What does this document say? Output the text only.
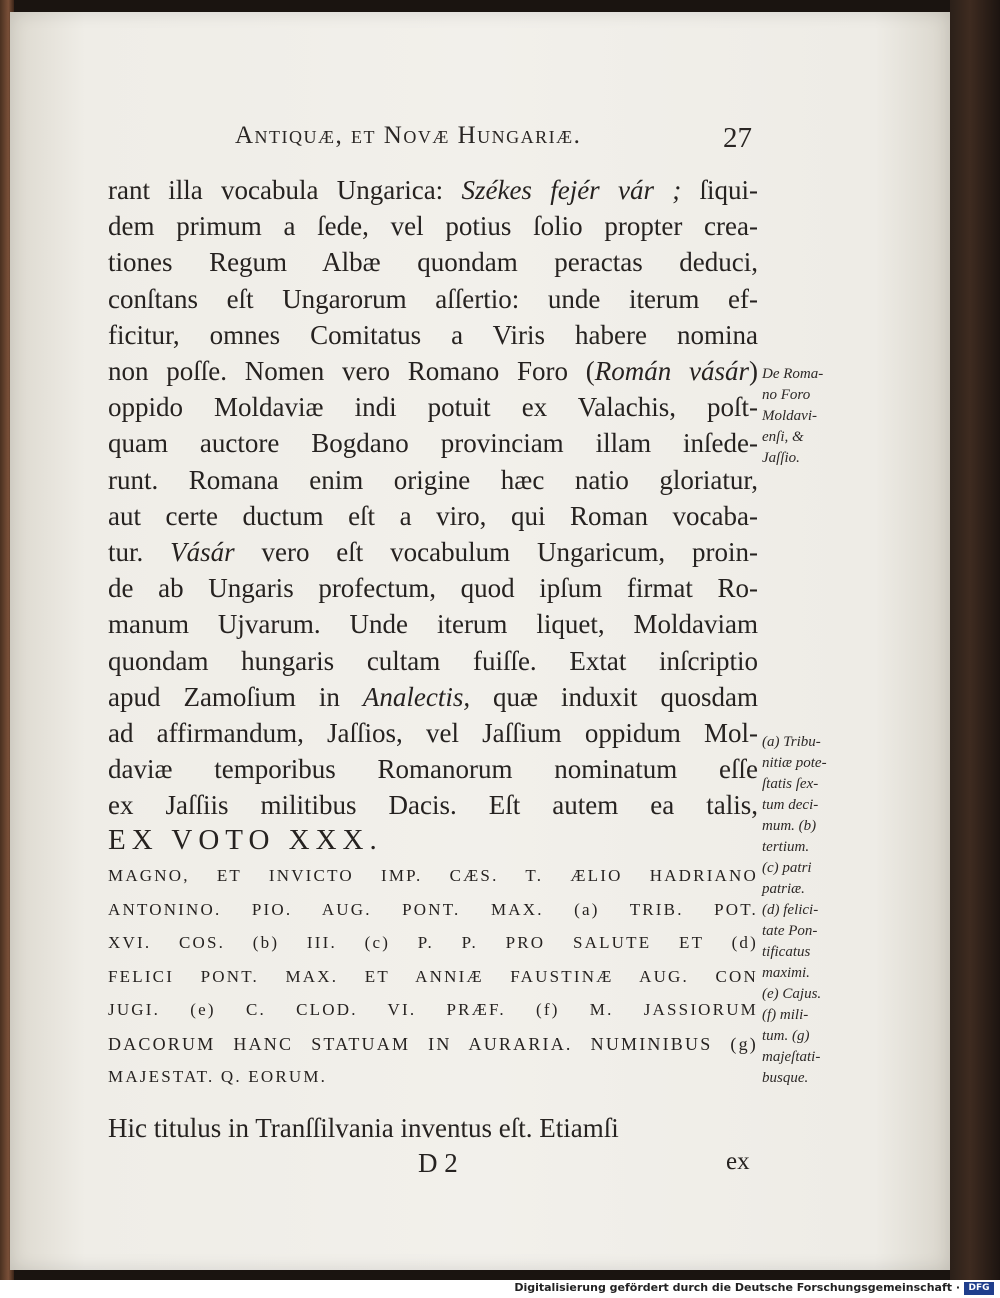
Antiquæ, et Novæ Hungariæ.	27
rant illa vocabula Ungarica: Székes fejér vár ; ſiqui-
dem primum a ſede, vel potius ſolio propter crea-
tiones Regum Albæ quondam peractas deduci,
conſtans eſt Ungarorum aſſertio: unde iterum ef-
ficitur, omnes Comitatus a Viris habere nomina
non poſſe. Nomen vero Romano Foro (Román vásár)
oppido Moldaviæ indi potuit ex Valachis, poſt-
quam auctore Bogdano provinciam illam inſede-
runt. Romana enim origine hæc natio gloriatur,
aut certe ductum eſt a viro, qui Roman vocaba-
tur. Vásár vero eſt vocabulum Ungaricum, proin-
de ab Ungaris profectum, quod ipſum firmat Ro-
manum Ujvarum. Unde iterum liquet, Moldaviam
quondam hungaris cultam fuiſſe. Extat inſcriptio
apud Zamoſium in Analectis, quæ induxit quosdam
ad affirmandum, Jaſſios, vel Jaſſium oppidum Mol-
daviæ temporibus Romanorum nominatum eſſe
ex Jaſſiis militibus Dacis. Eſt autem ea talis,
EX VOTO XXX.
MAGNO, ET INVICTO IMP. CÆS. T. ÆLIO HADRIANO
ANTONINO. PIO. AUG. PONT. MAX. (a) TRIB. POT.
XVI. COS. (b) III. (c) P. P. PRO SALUTE ET (d)
FELICI PONT. MAX. ET ANNIÆ FAUSTINÆ AUG. CON
JUGI. (e) C. CLOD. VI. PRÆF. (f) M. JASSIORUM
DACORUM HANC STATUAM IN AURARIA. NUMINIBUS (g)
MAJESTAT. Q. EORUM.
Hic titulus in Tranſſilvania inventus eſt. Etiamſi
D 2	ex
De Roma-
no Foro
Moldavi-
enſi, &
Jaſſio.
(a) Tribu-
nitiæ pote-
ſtatis ſex-
tum deci-
mum. (b)
tertium.
(c) patri
patriæ.
(d) felici-
tate Pon-
tificatus
maximi.
(e) Cajus.
(f) mili-
tum. (g)
majeſtati-
busque.
Digitalisierung gefördert durch die Deutsche Forschungsgemeinschaft · DFG
